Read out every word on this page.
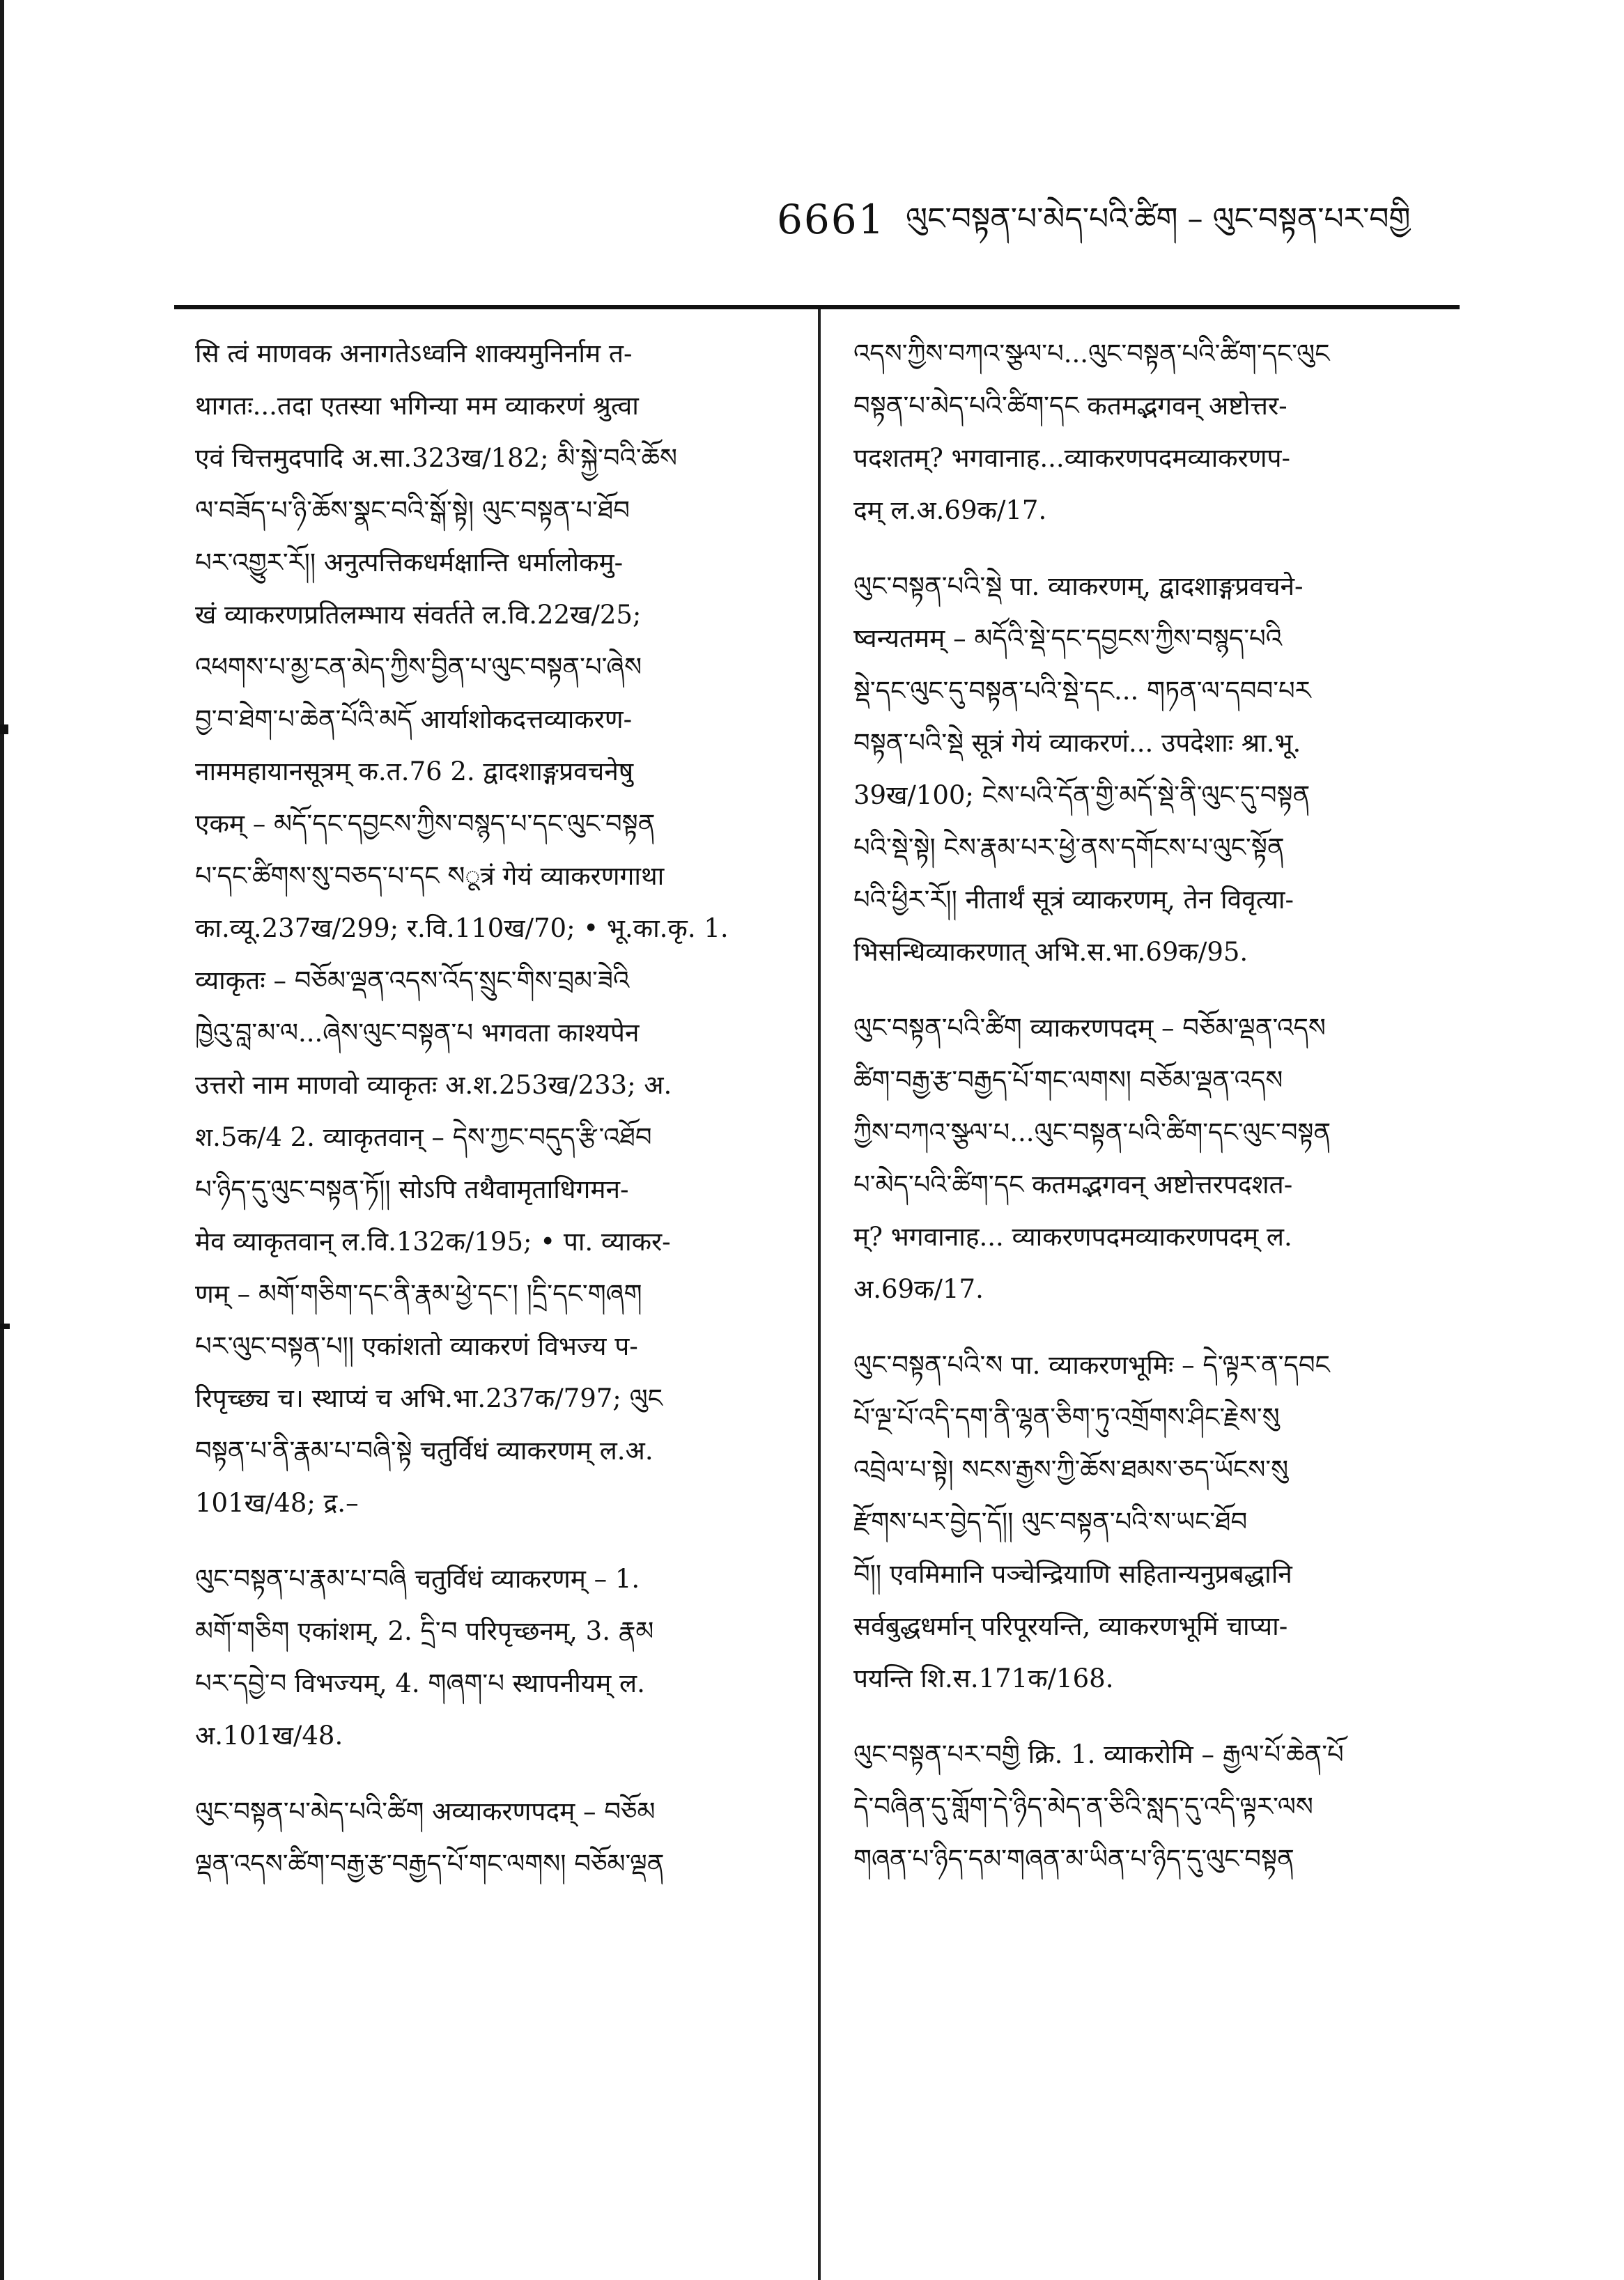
6661 ལུང་བསྟན་པ་མེད་པའི་ཚིག – ལུང་བསྟན་པར་བགྱི
सि त्वं माणवक अनागतेऽध्वनि शाक्यमुनिर्नाम त-
थागतः...तदा एतस्या भगिन्या मम व्याकरणं श्रुत्वा
एवं चित्तमुदपादि अ.सा.323ख/182; མི་སྐྱེ་བའི་ཆོས
ལ་བཟོད་པ་ཉི་ཆོས་སྣང་བའི་སྒོ་སྟེ། ལུང་བསྟན་པ་ཐོབ
པར་འགྱུར་རོ།། अनुत्पत्तिकधर्मक्षान्ति धर्मालोकमु-
खं व्याकरणप्रतिलम्भाय संवर्तते ल.वि.22ख/25;
འཕགས་པ་མྱ་ངན་མེད་ཀྱིས་བྱིན་པ་ལུང་བསྟན་པ་ཞེས
བྱ་བ་ཐེག་པ་ཆེན་པོའི་མདོ आर्याशोकदत्तव्याकरण-
नाममहायानसूत्रम् क.त.76 2. द्वादशाङ्गप्रवचनेषु
एकम् – མདོ་དང་དབྱངས་ཀྱིས་བསྙད་པ་དང་ལུང་བསྟན
པ་དང་ཚིགས་སུ་བཅད་པ་དང སूत्रं गेयं व्याकरणगाथा
का.व्यू.237ख/299; र.वि.110ख/70; • भू.का.कृ. 1.
व्याकृतः – བཅོམ་ལྡན་འདས་འོད་སྲུང་གིས་བྲམ་ཟེའི
ཁྱེའུ་བླ་མ་ལ...ཞེས་ལུང་བསྟན་པ भगवता काश्यपेन
उत्तरो नाम माणवो व्याकृतः अ.श.253ख/233; अ.
श.5क/4 2. व्याकृतवान् – དེས་ཀྱང་བདུད་རྩི་འཐོབ
པ་ཉིད་དུ་ལུང་བསྟན་ཏོ།། सोऽपि तथैवामृताधिगमन-
मेव व्याकृतवान् ल.वि.132क/195; • पा. व्याकर-
णम् – མགོ་གཅིག་དང་ནི་རྣམ་ཕྱེ་དང་། །དྲི་དང་གཞག
པར་ལུང་བསྟན་པ།། एकांशतो व्याकरणं विभज्य प-
रिपृच्छ्य च। स्थाप्यं च अभि.भा.237क/797; ལུང
བསྟན་པ་ནི་རྣམ་པ་བཞི་སྟེ चतुर्विधं व्याकरणम् ल.अ.
101ख/48; द्र.–
ལུང་བསྟན་པ་རྣམ་པ་བཞི चतुर्विधं व्याकरणम् – 1.
མགོ་གཅིག एकांशम्, 2. དྲི་བ परिपृच्छनम्, 3. རྣམ
པར་དབྱེ་བ विभज्यम्, 4. གཞག་པ स्थापनीयम् ल.
अ.101ख/48.
ལུང་བསྟན་པ་མེད་པའི་ཚིག अव्याकरणपदम् – བཅོམ
ལྡན་འདས་ཚིག་བརྒྱ་རྩ་བརྒྱད་པོ་གང་ལགས། བཅོམ་ལྡན
འདས་ཀྱིས་བཀའ་སྩལ་པ...ལུང་བསྟན་པའི་ཚིག་དང་ལུང
བསྟན་པ་མེད་པའི་ཚིག་དང कतमद्भगवन् अष्टोत्तर-
पदशतम्? भगवानाह...व्याकरणपदमव्याकरणप-
दम् ल.अ.69क/17.
ལུང་བསྟན་པའི་སྡེ पा. व्याकरणम्, द्वादशाङ्गप्रवचने-
ष्वन्यतमम् – མདོའི་སྡེ་དང་དབྱངས་ཀྱིས་བསྙད་པའི
སྡེ་དང་ལུང་དུ་བསྟན་པའི་སྡེ་དང... གཏན་ལ་དབབ་པར
བསྟན་པའི་སྡེ सूत्रं गेयं व्याकरणं... उपदेशाः श्रा.भू.
39ख/100; ངེས་པའི་དོན་གྱི་མདོ་སྡེ་ནི་ལུང་དུ་བསྟན
པའི་སྡེ་སྟེ། ངེས་རྣམ་པར་ཕྱེ་ནས་དགོངས་པ་ལུང་སྟོན
པའི་ཕྱིར་རོ།། नीतार्थं सूत्रं व्याकरणम्, तेन विवृत्या-
भिसन्धिव्याकरणात् अभि.स.भा.69क/95.
ལུང་བསྟན་པའི་ཚིག व्याकरणपदम् – བཅོམ་ལྡན་འདས
ཚིག་བརྒྱ་རྩ་བརྒྱད་པོ་གང་ལགས། བཅོམ་ལྡན་འདས
ཀྱིས་བཀའ་སྩལ་པ...ལུང་བསྟན་པའི་ཚིག་དང་ལུང་བསྟན
པ་མེད་པའི་ཚིག་དང कतमद्भगवन् अष्टोत्तरपदशत-
म्? भगवानाह... व्याकरणपदमव्याकरणपदम् ल.
अ.69क/17.
ལུང་བསྟན་པའི་ས पा. व्याकरणभूमिः – དེ་ལྟར་ན་དབང
པོ་ལྔ་པོ་འདི་དག་ནི་ལྷན་ཅིག་ཏུ་འགྲོགས་ཤིང་རྗེས་སུ
འབྲེལ་པ་སྟེ། སངས་རྒྱས་ཀྱི་ཆོས་ཐམས་ཅད་ཡོངས་སུ
རྫོགས་པར་བྱེད་དོ།། ལུང་བསྟན་པའི་ས་ཡང་ཐོབ
བོ།། एवमिमानि पञ्चेन्द्रियाणि सहितान्यनुप्रबद्धानि
सर्वबुद्धधर्मान् परिपूरयन्ति, व्याकरणभूमिं चाप्या-
पयन्ति शि.स.171क/168.
ལུང་བསྟན་པར་བགྱི क्रि. 1. व्याकरोमि – རྒྱལ་པོ་ཆེན་པོ
དེ་བཞིན་དུ་གློག་དེ་ཉིད་མེད་ན་ཅིའི་སླད་དུ་འདི་ལྟར་ལས
གཞན་པ་ཉིད་དམ་གཞན་མ་ཡིན་པ་ཉིད་དུ་ལུང་བསྟན
